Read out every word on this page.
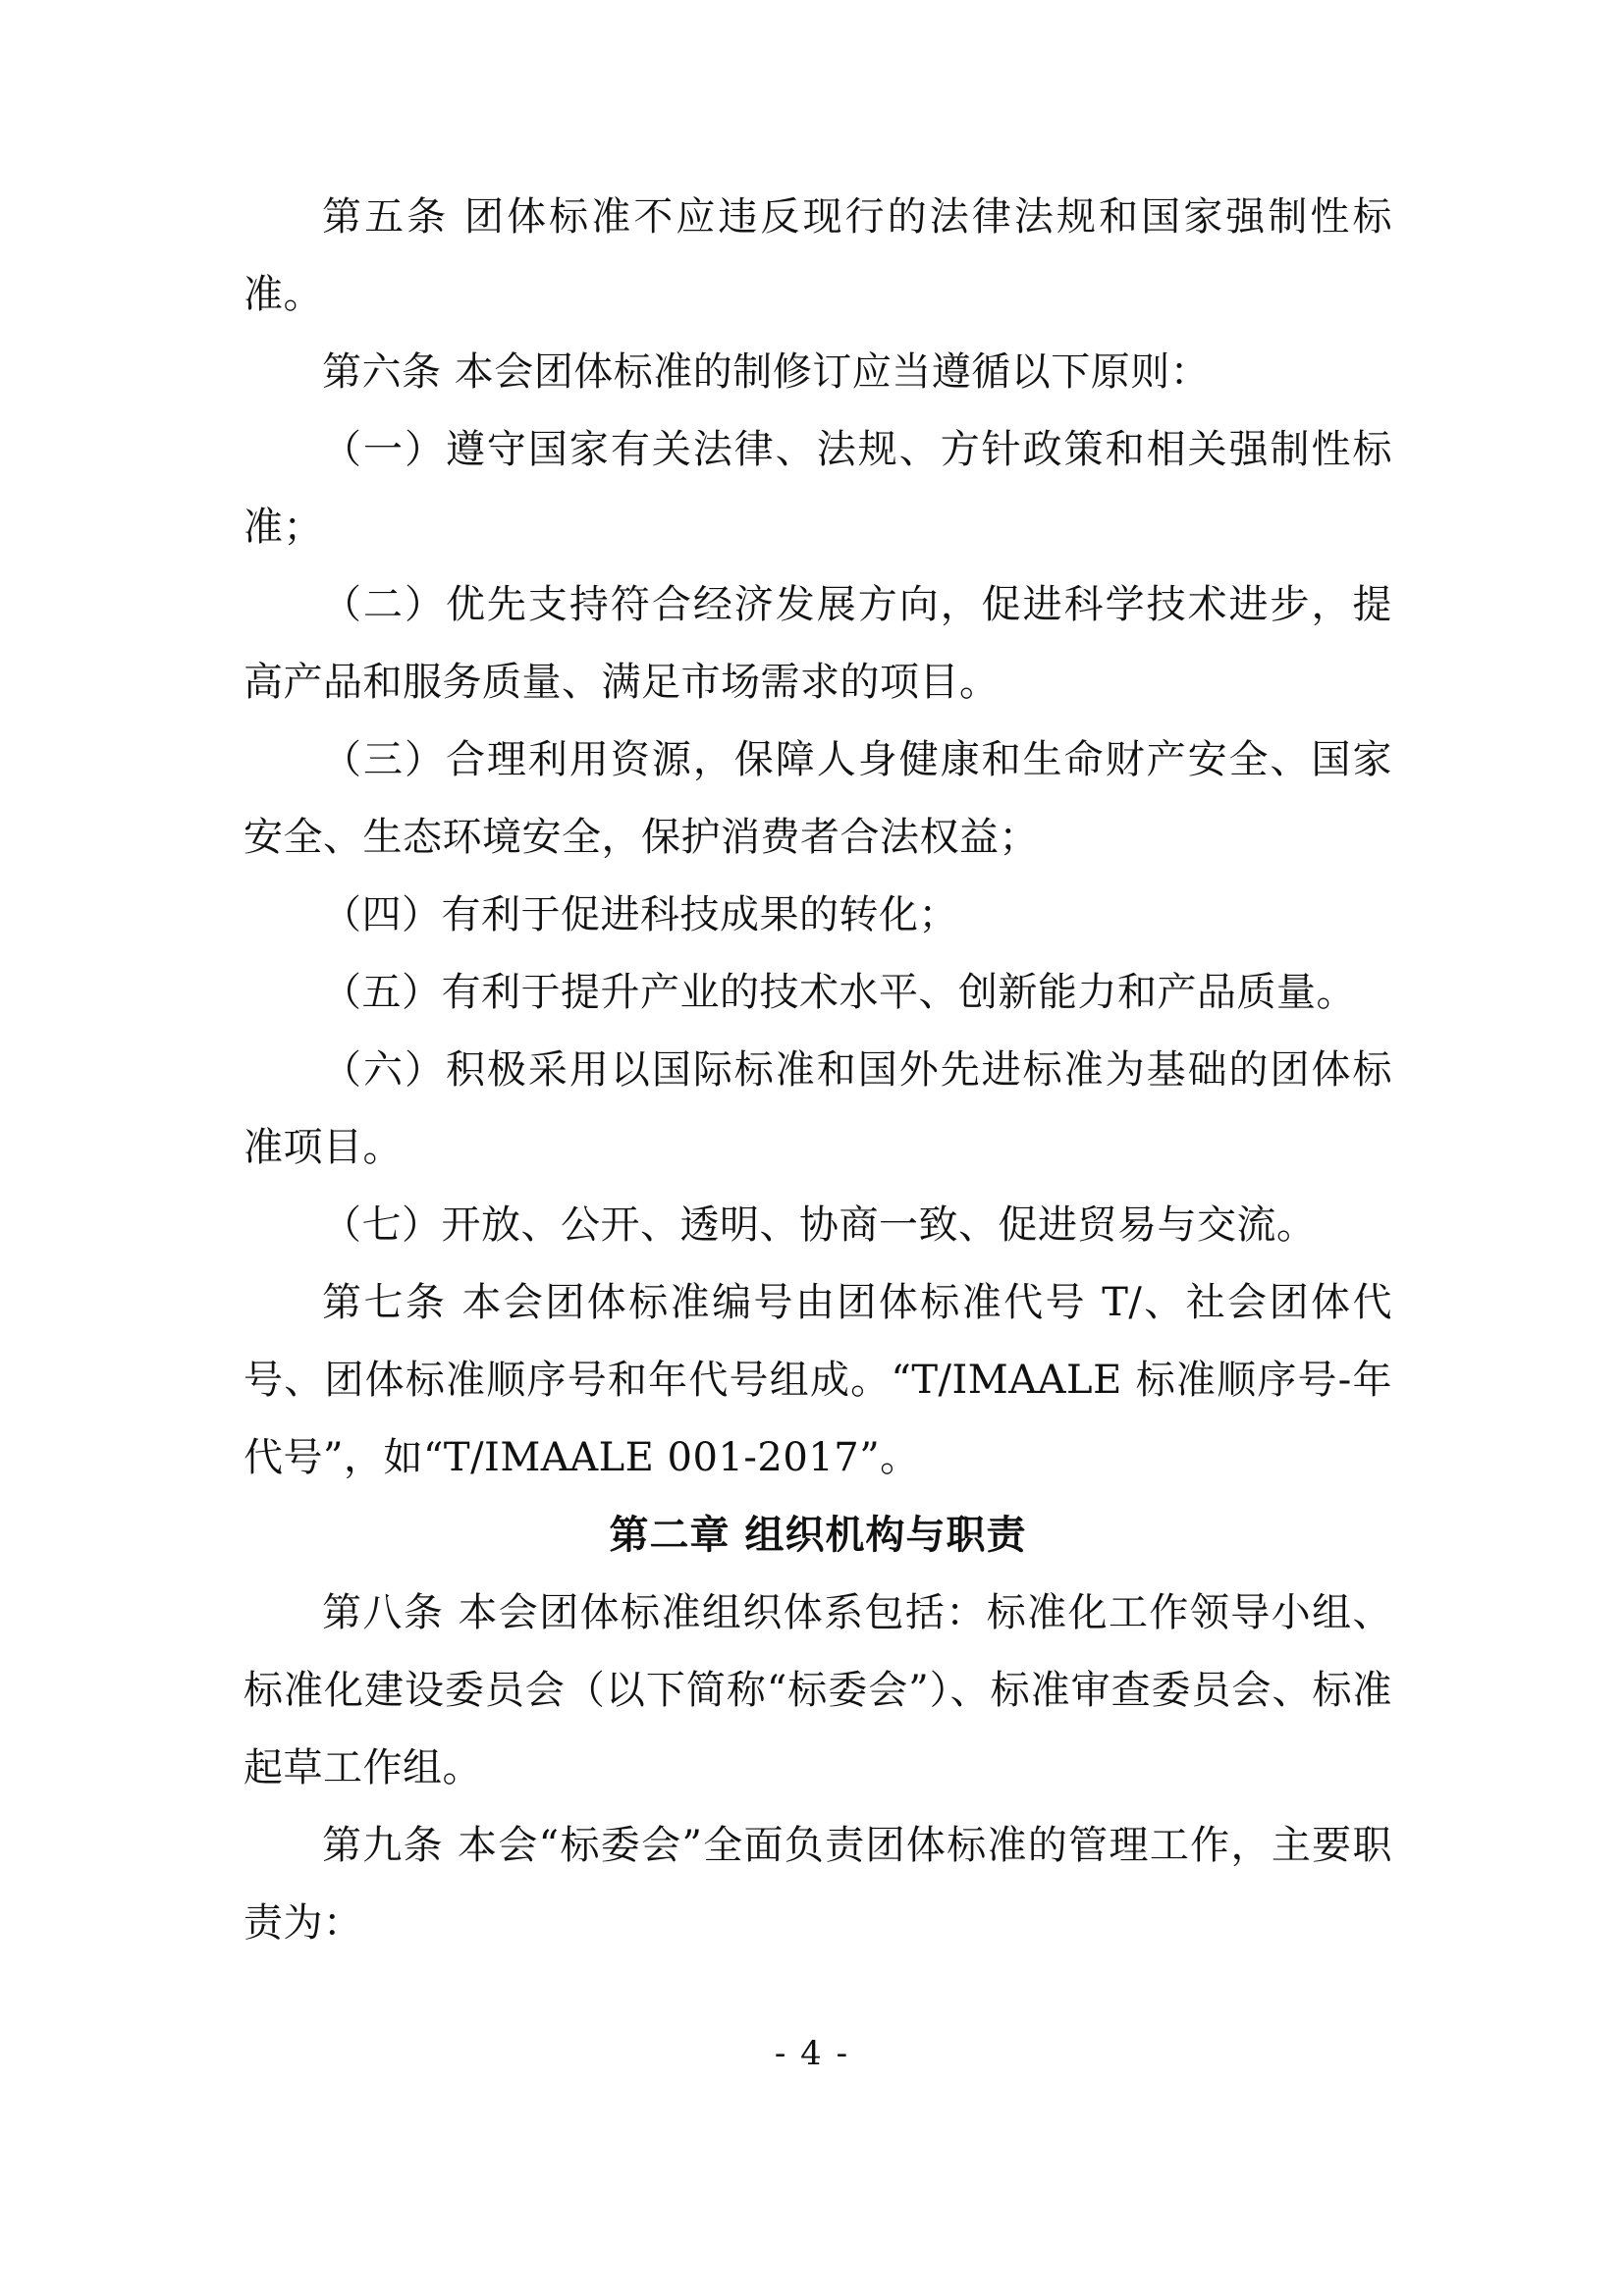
第五条 团体标准不应违反现行的法律法规和国家强制性标准。

第六条 本会团体标准的制修订应当遵循以下原则：

（一）遵守国家有关法律、法规、方针政策和相关强制性标准；

（二）优先支持符合经济发展方向，促进科学技术进步，提高产品和服务质量、满足市场需求的项目。

（三）合理利用资源，保障人身健康和生命财产安全、国家安全、生态环境安全，保护消费者合法权益；

（四）有利于促进科技成果的转化；

（五）有利于提升产业的技术水平、创新能力和产品质量。

（六）积极采用以国际标准和国外先进标准为基础的团体标准项目。

（七）开放、公开、透明、协商一致、促进贸易与交流。

第七条 本会团体标准编号由团体标准代号 T/、社会团体代号、团体标准顺序号和年代号组成。“T/IMAALE 标准顺序号-年代号”，如“T/IMAALE 001-2017”。

第二章 组织机构与职责

第八条 本会团体标准组织体系包括：标准化工作领导小组、标准化建设委员会（以下简称“标委会”）、标准审查委员会、标准起草工作组。

第九条 本会“标委会”全面负责团体标准的管理工作，主要职责为：

- 4 -
